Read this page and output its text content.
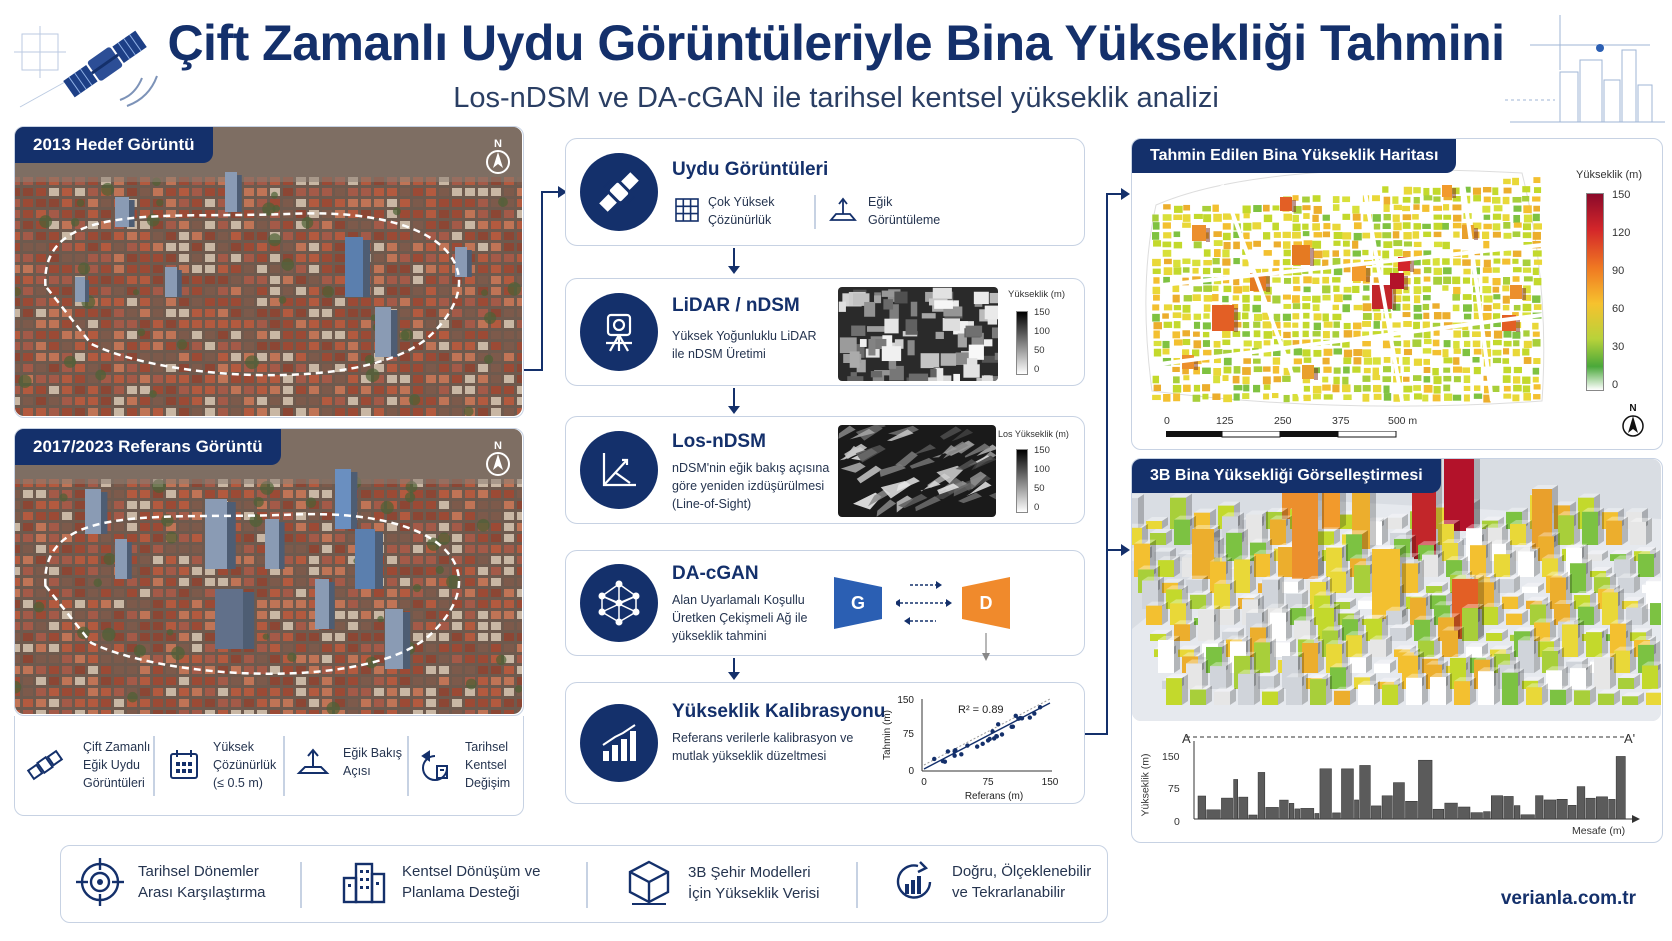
Çift Zamanlı Uydu Görüntüleriyle Bina Yüksekliği Tahmini
Los-nDSM ve DA-cGAN ile tarihsel kentsel yükseklik analizi
2013 Hedef Görüntü	N
2017/2023 Referans Görüntü	N
Çift Zamanlı Eğik Uydu Görüntüleri
Yüksek Çözünürlük (≤ 0.5 m)
Eğik Bakış Açısı
Tarihsel Kentsel Değişim
Uydu Görüntüleri
Çok Yüksek Çözünürlük
Eğik Görüntüleme
LiDAR / nDSM
Yüksek Yoğunluklu LiDAR ile nDSM Üretimi
Yükseklik (m)
150
100
50
0
Los-nDSM
nDSM'nin eğik bakış açısına göre yeniden izdüşürülmesi (Line-of-Sight)
Los Yükseklik (m)
150
100
50
0
DA-cGAN
Alan Uyarlamalı Koşullu Üretken Çekişmeli Ağ ile yükseklik tahmini
G	D
Yükseklik Kalibrasyonu
Referans verilerle kalibrasyon ve mutlak yükseklik düzeltmesi
150
75
0
0	75	150
R² = 0.89
Referans (m)
Tahmin (m)
Tahmin Edilen Bina Yükseklik Haritası
Yükseklik (m)
150
120
90
60
30
0
0	125	250	375	500 m
N
3B Bina Yüksekliği Görselleştirmesi
A	A'
Yükseklik (m) 150
75
0
Mesafe (m)
Tarihsel Dönemler Arası Karşılaştırma
Kentsel Dönüşüm ve Planlama Desteği
3B Şehir Modelleri İçin Yükseklik Verisi
Doğru, Ölçeklenebilir ve Tekrarlanabilir	verianla.com.tr
